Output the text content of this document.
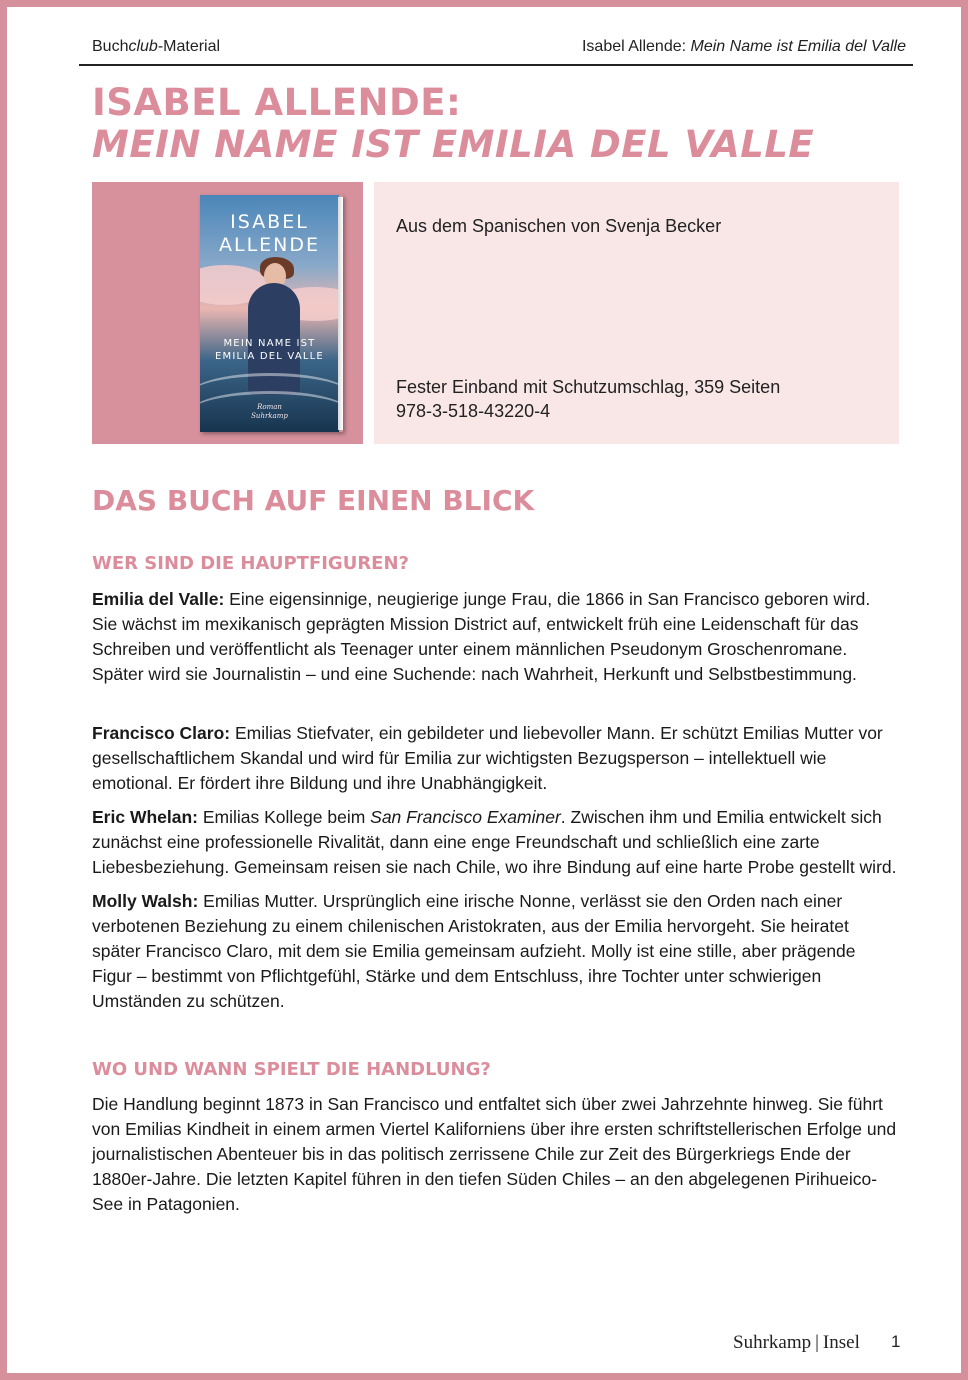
Buchclub-Material	Isabel Allende: Mein Name ist Emilia del Valle
ISABEL ALLENDE:
MEIN NAME IST EMILIA DEL VALLE
ISABEL
ALLENDE
MEIN NAME IST
EMILIA DEL VALLE
Roman
Suhrkamp
Aus dem Spanischen von Svenja Becker
Fester Einband mit Schutzumschlag, 359 Seiten
978-3-518-43220-4
DAS BUCH AUF EINEN BLICK
WER SIND DIE HAUPTFIGUREN?

Emilia del Valle: Eine eigensinnige, neugierige junge Frau, die 1866 in San Francisco geboren wird. Sie wächst im mexikanisch geprägten Mission District auf, entwickelt früh eine Leidenschaft für das Schreiben und veröffentlicht als Teenager unter einem männlichen Pseudonym Groschenromane. Später wird sie Journalistin – und eine Suchende: nach Wahrheit, Herkunft und Selbstbestimmung.

Francisco Claro: Emilias Stiefvater, ein gebildeter und liebevoller Mann. Er schützt Emilias Mutter vor gesellschaftlichem Skandal und wird für Emilia zur wichtigsten Bezugsperson – intellektuell wie emotional. Er fördert ihre Bildung und ihre Unabhängigkeit.

Eric Whelan: Emilias Kollege beim San Francisco Examiner. Zwischen ihm und Emilia entwickelt sich zunächst eine professionelle Rivalität, dann eine enge Freundschaft und schließlich eine zarte Liebesbeziehung. Gemeinsam reisen sie nach Chile, wo ihre Bindung auf eine harte Probe gestellt wird.

Molly Walsh: Emilias Mutter. Ursprünglich eine irische Nonne, verlässt sie den Orden nach einer verbotenen Beziehung zu einem chilenischen Aristokraten, aus der Emilia hervorgeht. Sie heiratet später Francisco Claro, mit dem sie Emilia gemeinsam aufzieht. Molly ist eine stille, aber prägende Figur – bestimmt von Pflichtgefühl, Stärke und dem Entschluss, ihre Tochter unter schwierigen Umständen zu schützen.

WO UND WANN SPIELT DIE HANDLUNG?

Die Handlung beginnt 1873 in San Francisco und entfaltet sich über zwei Jahrzehnte hinweg. Sie führt von Emilias Kindheit in einem armen Viertel Kaliforniens über ihre ersten schriftstellerischen Erfolge und journalistischen Abenteuer bis in das politisch zerrissene Chile zur Zeit des Bürgerkriegs Ende der 1880er-Jahre. Die letzten Kapitel führen in den tiefen Süden Chiles – an den abgelegenen Pirihueico-See in Patagonien.

Suhrkamp | Insel 1
